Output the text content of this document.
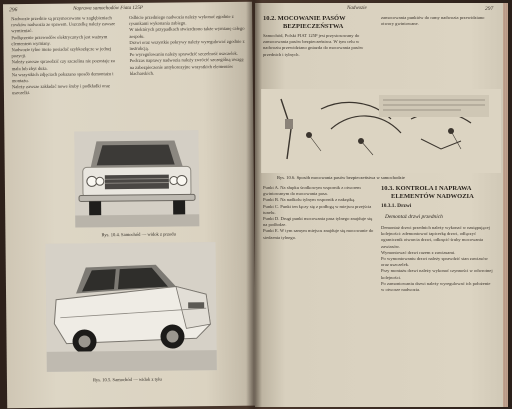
296	Naprawa samochodów Fiata 125P
Nadwozie przednie są przymocowane w zagłębieniach rowków nadwozia ze spawem. Uszczelkę należy zawsze wymieniać.
Podłączenie przewodów elektrycznych jest ważnym elementem wymiany.
Nadwozie tylne może posiadać szybkozłącze w jednej pozycji.
Należy zawsze sprawdzić czy szczelina nie pozostaje za mała lub zbyt duża.
Na wszystkich zdjęciach pokazano sposób demontażu i montażu.
Należy zawsze zakładać nowe śruby i podkładki oraz uszczelki.
Odbicie przedniego nadwozia należy wykonać zgodnie z rysunkami wykonania zabiegu.
W niektórych przypadkach stwierdzono także wymianę całego zespołu.
Drzwi oraz wszystkie pokrywy należy wyregulować zgodnie z instrukcją.
Po wyregulowaniu należy sprawdzić szczelność uszczelek.
Podczas naprawy nadwozia należy zwrócić szczególną uwagę na zabezpieczenie antykorozyjne wszystkich elementów blacharskich.
Rys. 10.4. Samochód — widok z przodu
Rys. 10.5. Samochód — widok z tyłu
Nadwozie	297
10.2. MOCOWANIE PASÓW
BEZPIECZEŃSTWA
Samochód, Polski FIAT 125P jest przystosowany do zamocowania pasów bezpieczeństwa. W tym celu w nadwoziu przewidziano gniazda do mocowania pasów przednich i tylnych.
zamocowania punktów do ramy nadwozia przewidziano otwory gwintowane.
Rys. 10.6. Sposób mocowania pasów bezpieczeństwa w samochodzie
Punkt A. Na słupku środkowym wspornik z otworem gwintowanym do mocowania pasa.
Punkt B. Na nadkolu tylnym wspornik z nakrętką.
Punkt C. Punkt ten łączy się z podłogą w miejscu przejścia tunelu.
Punkt D. Drugi punkt mocowania pasa tylnego znajduje się na podłodze.
Punkt E. W tym samym miejscu znajduje się mocowanie do siedzenia tylnego.
10.3. KONTROLA I NAPRAWA
ELEMENTÓW NADWOZIA
10.3.1. Drzwi
Demontaż drzwi przednich
Demontaż drzwi przednich należy wykonać w następującej kolejności: zdemontować tapicerkę drzwi, odłączyć ogranicznik otwarcia drzwi, odkręcić śruby mocowania zawiasów.
Wymontować drzwi razem z zawiasami.
Po wymontowaniu drzwi należy sprawdzić stan zawiasów oraz uszczelek.
Przy montażu drzwi należy wykonać czynności w odwrotnej kolejności.
Po zamontowaniu drzwi należy wyregulować ich położenie w otworze nadwozia.
